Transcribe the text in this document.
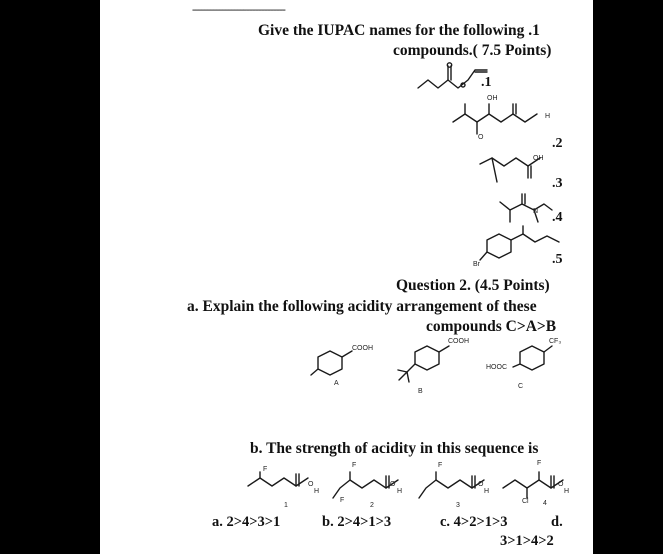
-------------------------------
Give the IUPAC names for the following .1
compounds.( 7.5 Points)
.1
OH
O
H
.2
OH
.3
N .4
Br	.5
Question 2. (4.5 Points)
a. Explain the following acidity arrangement of these
compounds C>A>B
COOH
A
COOH
B
HOOC
CF₃
C
b. The strength of acidity in this sequence is
F
O
H
1
F
F
O
H
2
F
O
H
3
F
Cl
O
H
4
a. 2>4>3>1	b. 2>4>1>3	c. 4>2>1>3	d.
3>1>4>2
